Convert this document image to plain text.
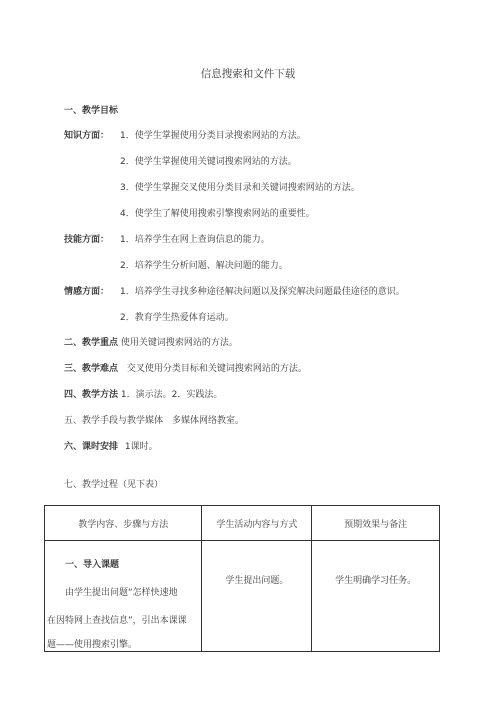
信息搜索和文件下载
一、教学目标
知识方面： 1．使学生掌握使用分类目录搜索网站的方法。
2．使学生掌握使用关键词搜索网站的方法。
3．使学生掌握交叉使用分类目录和关键词搜索网站的方法。
4．使学生了解使用搜索引擎搜索网站的重要性。
技能方面： 1．培养学生在网上查询信息的能力。
2．培养学生分析问题、解决问题的能力。
情感方面： 1．培养学生寻找多种途径解决问题以及探究解决问题最佳途径的意识。
2．教育学生热爱体育运动。
二、教学重点 使用关键词搜索网站的方法。
三、教学难点 交叉使用分类目标和关键词搜索网站的方法。
四、教学方法 1．演示法。2．实践法。
五、教学手段与教学媒体　多媒体网络教室。
六、课时安排 1课时。
七、教学过程（见下表）
教学内容、步骤与方法	学生活动内容与方式	预期效果与备注

一、导入课题
由学生提出问题“怎样快速地
在因特网上查找信息”，引出本课课
题——使用搜索引擎。	学生提出问题。	学生明确学习任务。
